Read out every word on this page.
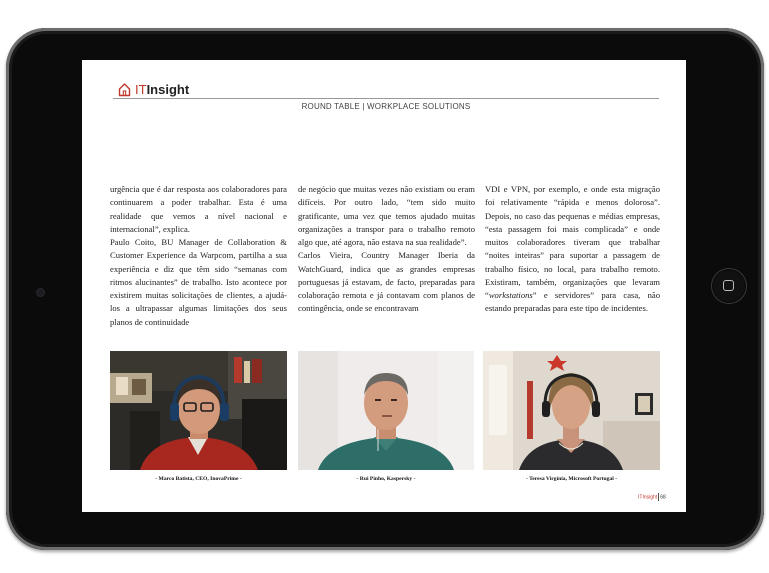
ITInsight
ROUND TABLE | WORKPLACE SOLUTIONS

urgência que é dar resposta aos colaboradores para continuarem a poder trabalhar. Esta é uma realidade que vemos a nível nacional e internacional”, explica.

Paulo Coito, BU Manager de Collaboration & Customer Experience da Warpcom, partilha a sua experiência e diz que têm sido “semanas com ritmos alucinantes” de trabalho. Isto acontece por existirem muitas solicitações de clientes, a ajudá-los a ultrapassar algumas limitações dos seus planos de continuidade

de negócio que muitas vezes não existiam ou eram difíceis. Por outro lado, “tem sido muito gratificante, uma vez que temos ajudado muitas organizações a transpor para o trabalho remoto algo que, até agora, não estava na sua realidade”.

Carlos Vieira, Country Manager Iberia da WatchGuard, indica que as grandes empresas portuguesas já estavam, de facto, preparadas para colaboração remota e já contavam com planos de contingência, onde se encontravam

VDI e VPN, por exemplo, e onde esta migração foi relativamente “rápida e menos dolorosa”. Depois, no caso das pequenas e médias empresas, “esta passagem foi mais complicada” e onde muitos colaboradores tiveram que trabalhar “noites inteiras” para suportar a passagem de trabalho físico, no local, para trabalho remoto. Existiram, também, organizações que levaram “workstations” e servidores” para casa, não estando preparadas para este tipo de incidentes.

- Marco Batista, CEO, InovaPrime -	- Rui Pinho, Kaspersky -	- Teresa Virgínia, Microsoft Portugal -
ITInsight 68
